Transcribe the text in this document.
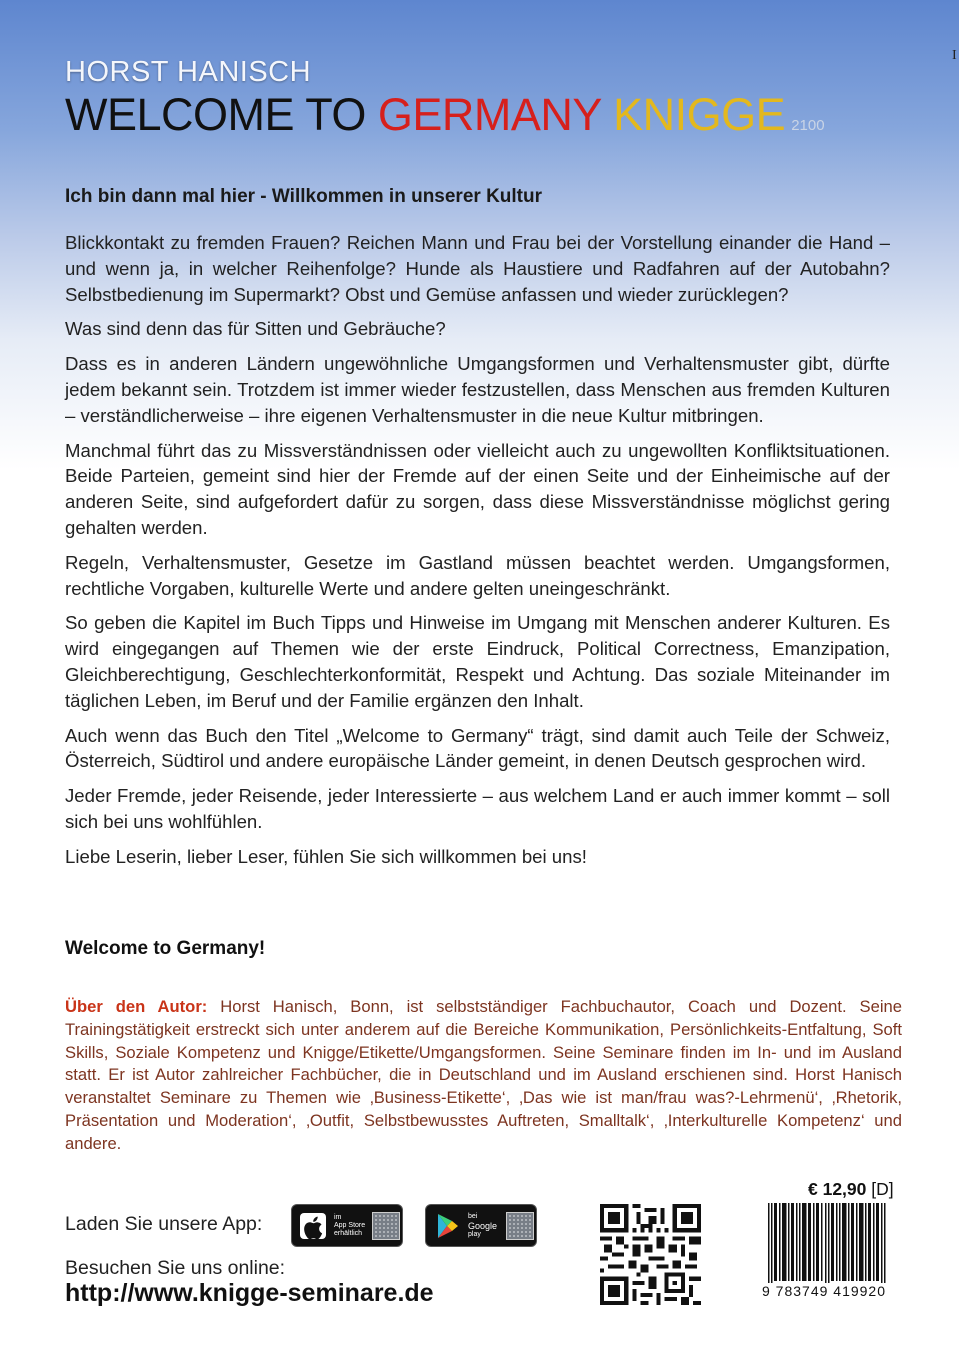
I
HORST HANISCH
WELCOME TO GERMANY KNIGGE 2100
Ich bin dann mal hier - Willkommen in unserer Kultur

Blickkontakt zu fremden Frauen? Reichen Mann und Frau bei der Vorstellung einander die Hand – und wenn ja, in welcher Reihenfolge? Hunde als Haustiere und Radfahren auf der Autobahn? Selbstbedienung im Supermarkt? Obst und Gemüse anfassen und wieder zurücklegen?

Was sind denn das für Sitten und Gebräuche?

Dass es in anderen Ländern ungewöhnliche Umgangsformen und Verhaltensmuster gibt, dürfte jedem bekannt sein. Trotzdem ist immer wieder festzustellen, dass Menschen aus fremden Kulturen – verständlicherweise – ihre eigenen Verhaltensmuster in die neue Kultur mitbringen.

Manchmal führt das zu Missverständnissen oder vielleicht auch zu ungewollten Konfliktsituationen. Beide Parteien, gemeint sind hier der Fremde auf der einen Seite und der Einheimische auf der anderen Seite, sind aufgefordert dafür zu sorgen, dass diese Missverständnisse möglichst gering gehalten werden.

Regeln, Verhaltensmuster, Gesetze im Gastland müssen beachtet werden. Umgangsformen, rechtliche Vorgaben, kulturelle Werte und andere gelten uneingeschränkt.

So geben die Kapitel im Buch Tipps und Hinweise im Umgang mit Menschen anderer Kulturen. Es wird eingegangen auf Themen wie der erste Eindruck, Political Correctness, Emanzipation, Gleichberechtigung, Geschlechterkonformität, Respekt und Achtung. Das soziale Miteinander im täglichen Leben, im Beruf und der Familie ergänzen den Inhalt.

Auch wenn das Buch den Titel „Welcome to Germany“ trägt, sind damit auch Teile der Schweiz, Österreich, Südtirol und andere europäische Länder gemeint, in denen Deutsch gesprochen wird.

Jeder Fremde, jeder Reisende, jeder Interessierte – aus welchem Land er auch immer kommt – soll sich bei uns wohlfühlen.

Liebe Leserin, lieber Leser, fühlen Sie sich willkommen bei uns!

Welcome to Germany!
Über den Autor: Horst Hanisch, Bonn, ist selbstständiger Fachbuchautor, Coach und Dozent. Seine Trainingstätigkeit erstreckt sich unter anderem auf die Bereiche Kommunikation, Persönlichkeits-Entfaltung, Soft Skills, Soziale Kompetenz und Knigge/Etikette/Umgangsformen. Seine Seminare finden im In- und im Ausland statt. Er ist Autor zahlreicher Fachbücher, die in Deutschland und im Ausland erschienen sind. Horst Hanisch veranstaltet Seminare zu Themen wie ‚Business-Etikette‘, ‚Das wie ist man/frau was?-Lehrmenü‘, ‚Rhetorik, Präsentation und Moderation‘, ‚Outfit, Selbstbewusstes Auftreten, Smalltalk‘, ‚Interkulturelle Kompetenz‘ und andere.
Laden Sie unsere App:	im
App Store
erhältlich
bei
Google
play
Besuchen Sie uns online:
http://www.knigge-seminare.de
€ 12,90 [D]
9 783749 419920
